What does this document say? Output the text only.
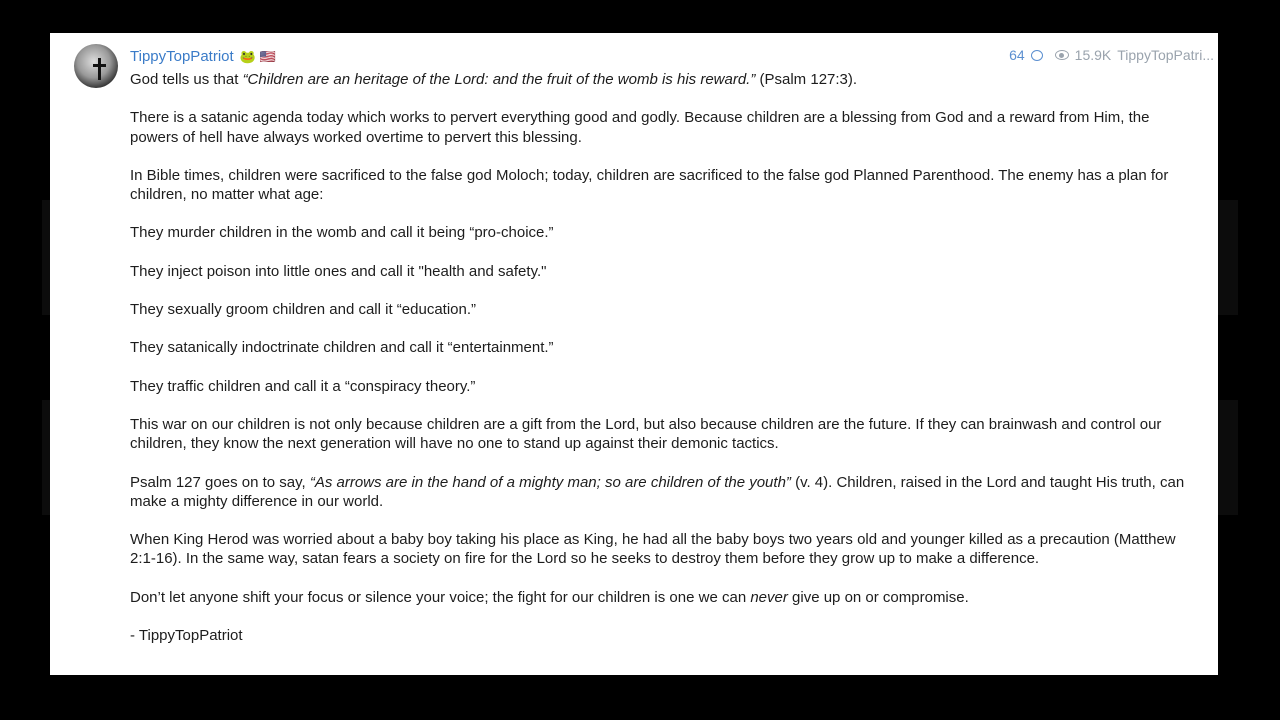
TippyTopPatriot 🐸 🇺🇸	64	15.9K TippyTopPatri...

God tells us that “Children are an heritage of the Lord: and the fruit of the womb is his reward.” (Psalm 127:3).

There is a satanic agenda today which works to pervert everything good and godly. Because children are a blessing from God and a reward from Him, the powers of hell have always worked overtime to pervert this blessing.

In Bible times, children were sacrificed to the false god Moloch; today, children are sacrificed to the false god Planned Parenthood. The enemy has a plan for children, no matter what age:

They murder children in the womb and call it being “pro-choice.”

They inject poison into little ones and call it "health and safety."

They sexually groom children and call it “education.”

They satanically indoctrinate children and call it “entertainment.”

They traffic children and call it a “conspiracy theory.”

This war on our children is not only because children are a gift from the Lord, but also because children are the future. If they can brainwash and control our children, they know the next generation will have no one to stand up against their demonic tactics.

Psalm 127 goes on to say, “As arrows are in the hand of a mighty man; so are children of the youth” (v. 4). Children, raised in the Lord and taught His truth, can make a mighty difference in our world.

When King Herod was worried about a baby boy taking his place as King, he had all the baby boys two years old and younger killed as a precaution (Matthew 2:1-16). In the same way, satan fears a society on fire for the Lord so he seeks to destroy them before they grow up to make a difference.

Don’t let anyone shift your focus or silence your voice; the fight for our children is one we can never give up on or compromise.

- TippyTopPatriot
